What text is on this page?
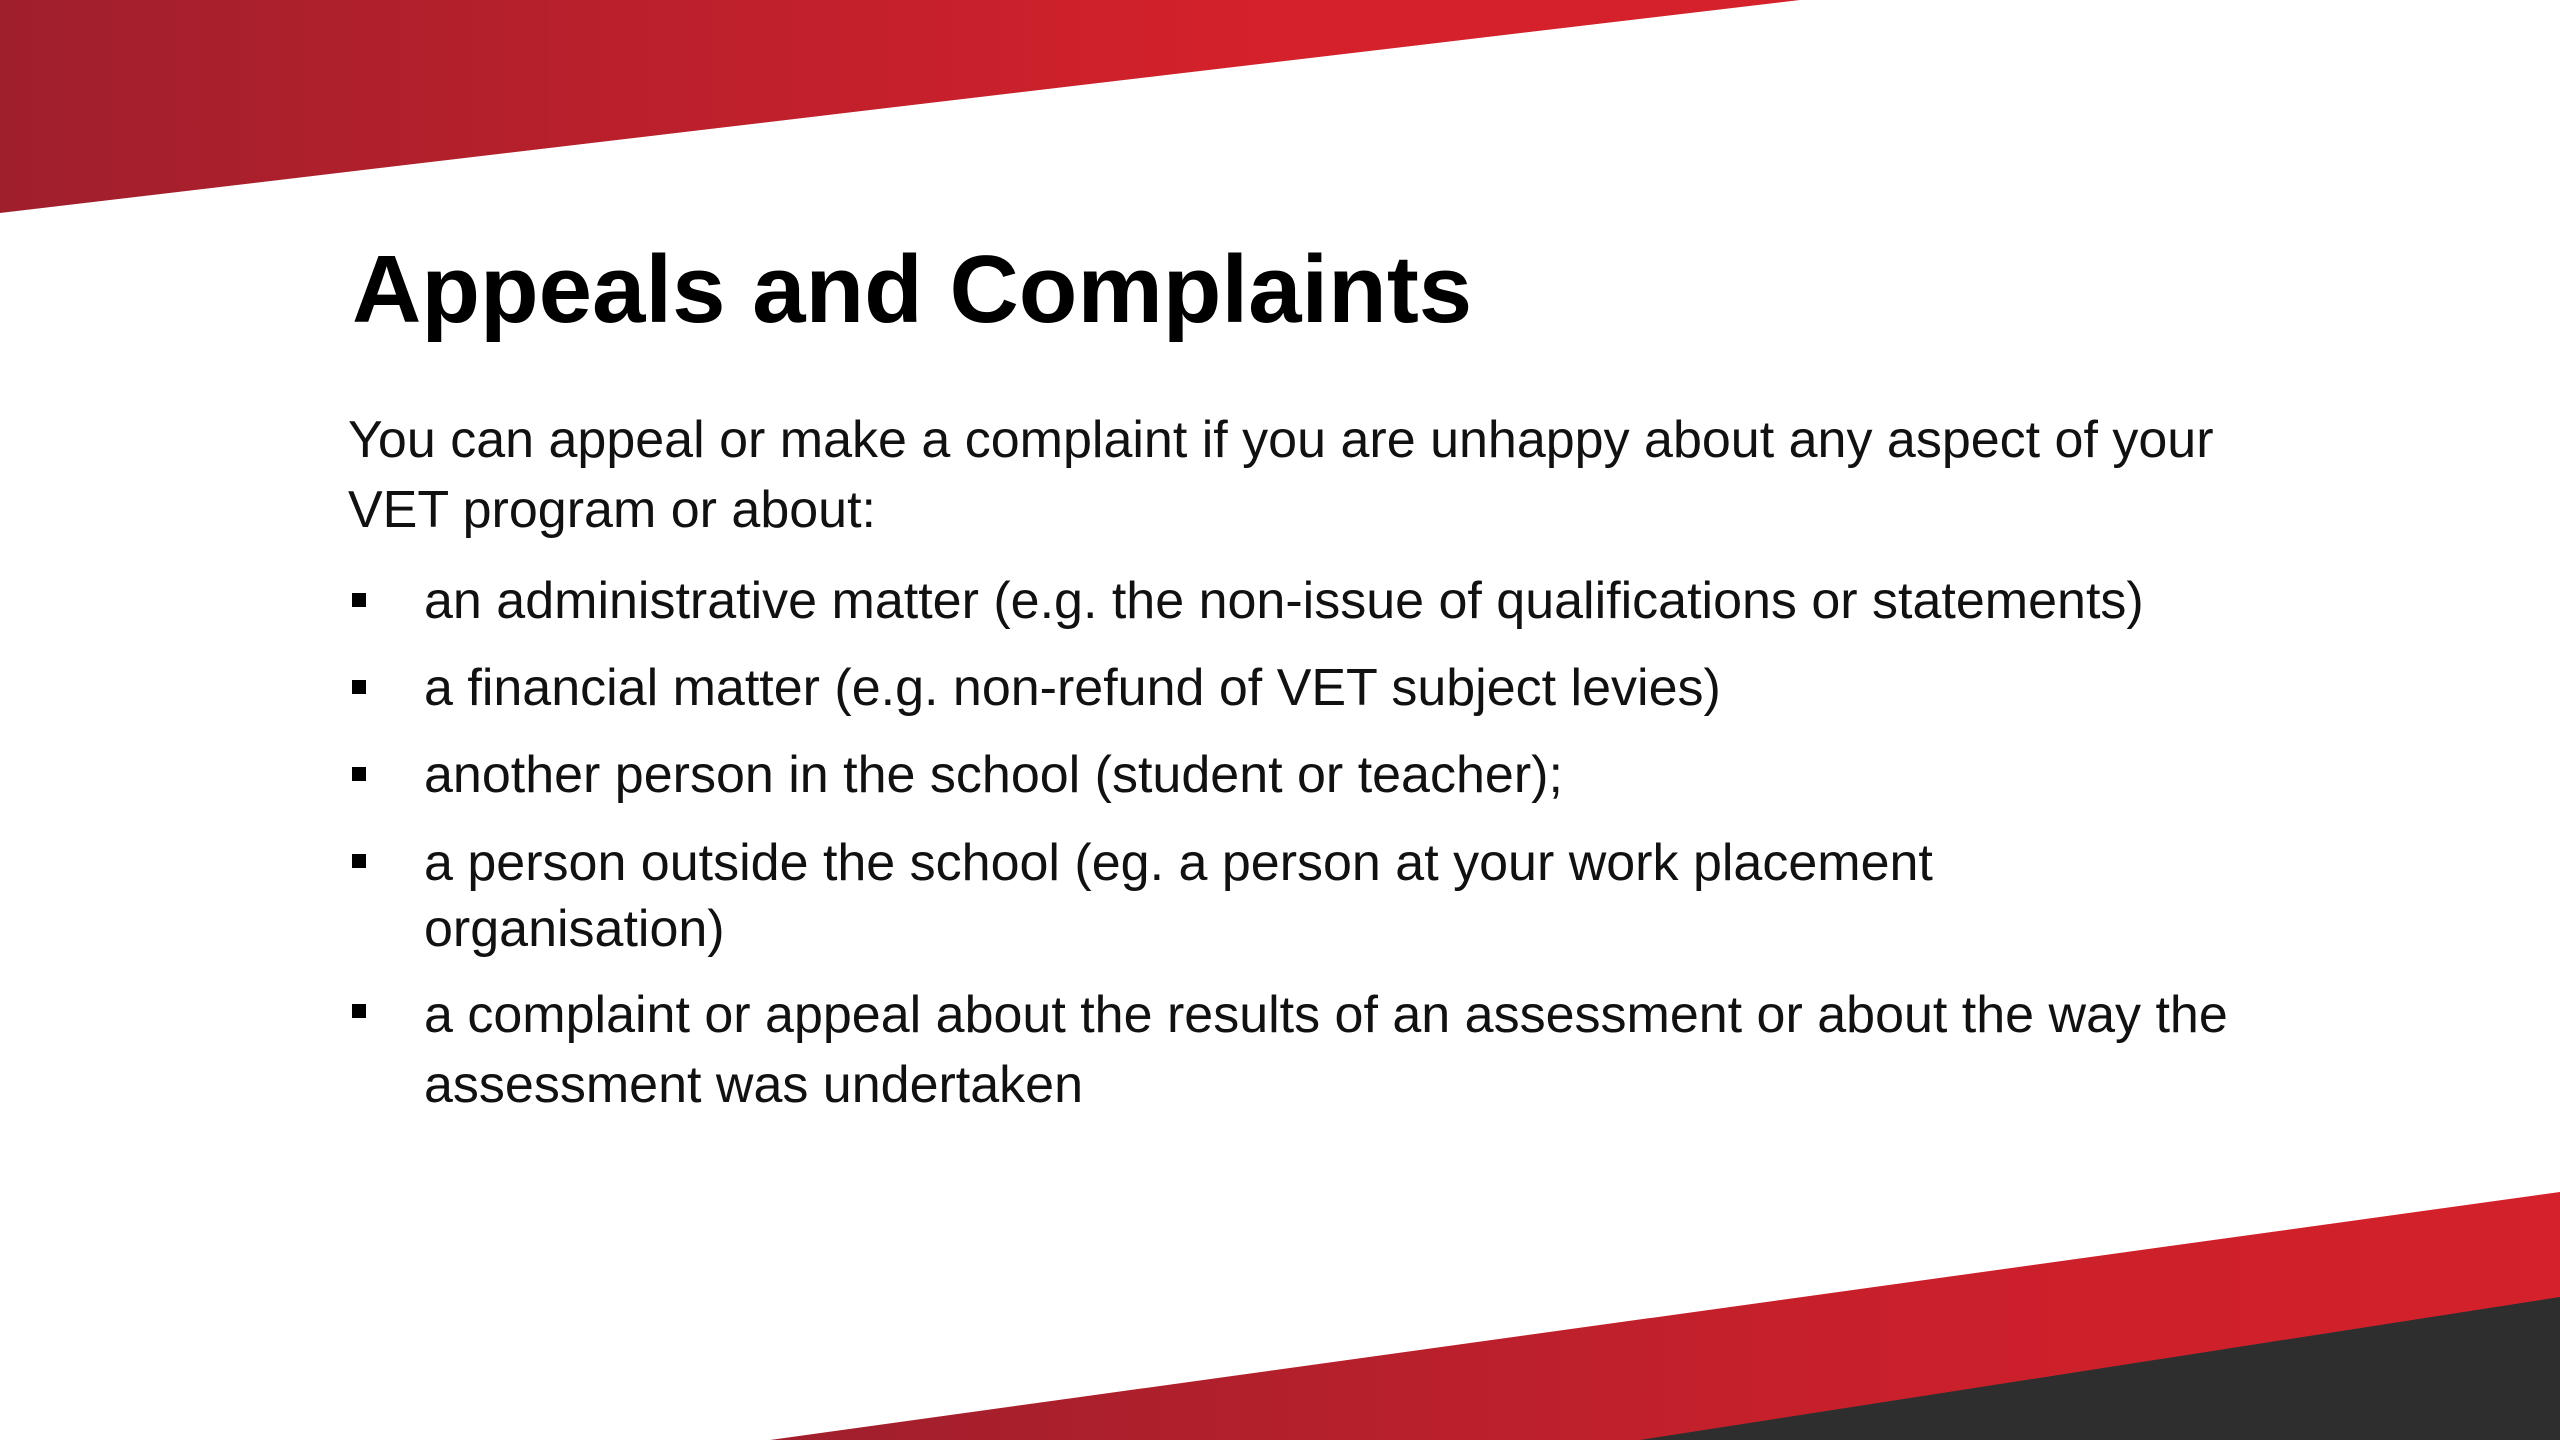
Appeals and Complaints

You can appeal or make a complaint if you are unhappy about any aspect of your VET program or about:

an administrative matter (e.g. the non-issue of qualifications or statements)
a financial matter (e.g. non-refund of VET subject levies)
another person in the school (student or teacher);
a person outside the school (eg. a person at your work placement organisation)
a complaint or appeal about the results of an assessment or about the way the assessment was undertaken
